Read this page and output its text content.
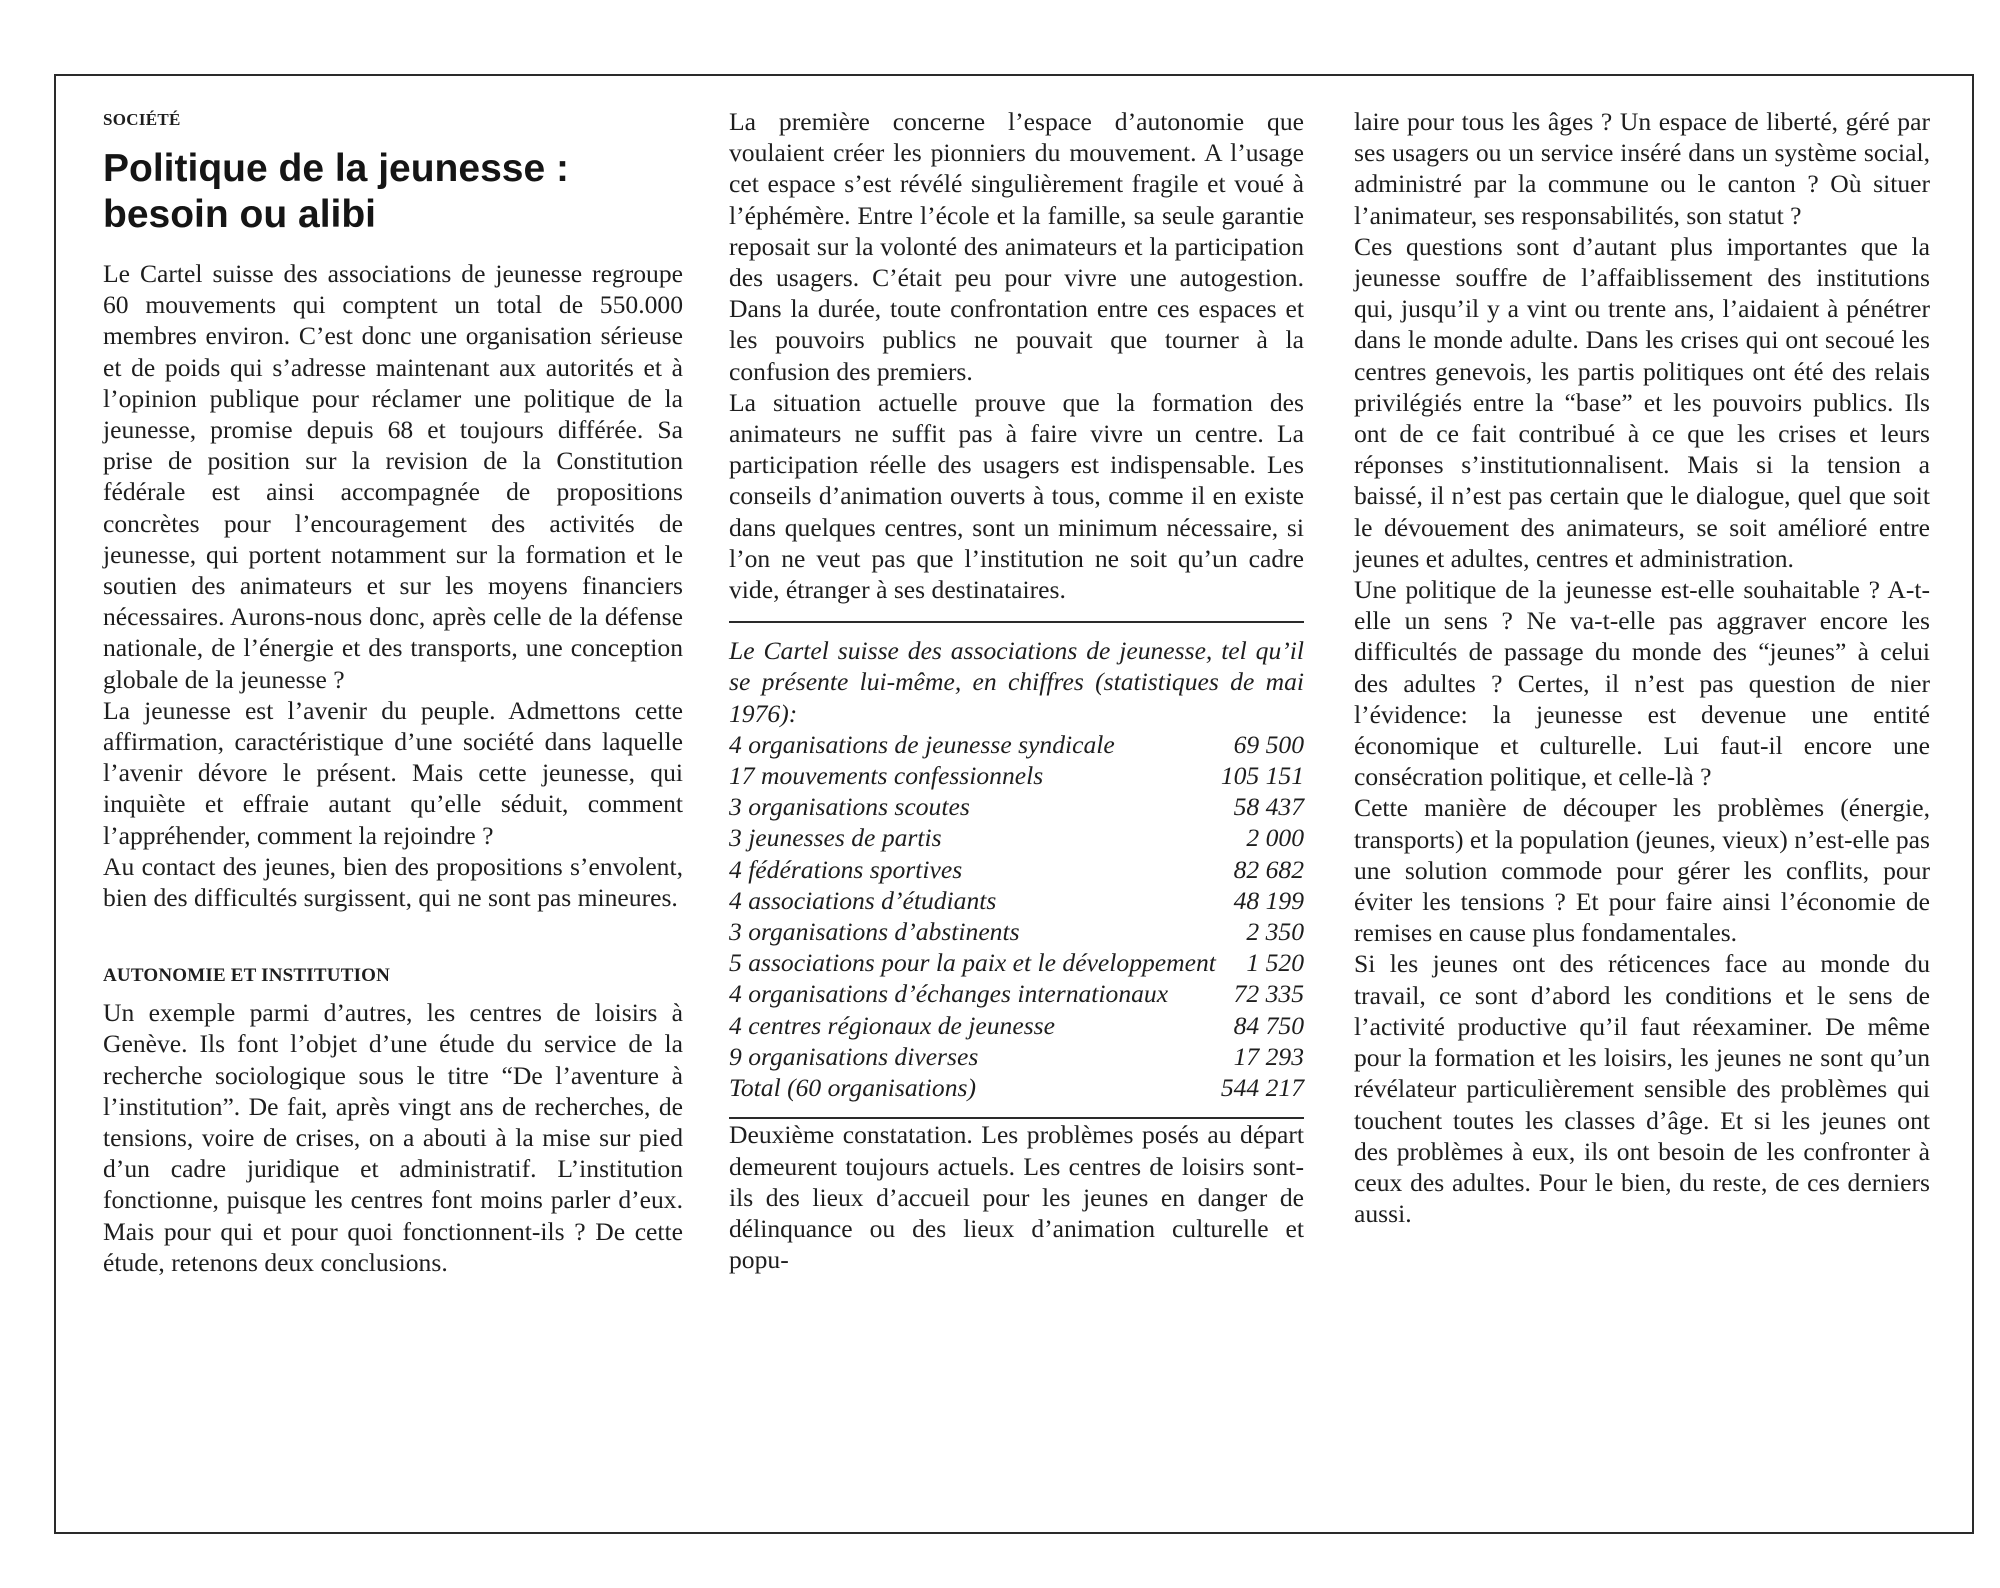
SOCIÉTÉ
Politique de la jeunesse :
besoin ou alibi

Le Cartel suisse des associations de jeunesse regroupe 60 mouvements qui comptent un total de 550.000 membres environ. C’est donc une organisation sérieuse et de poids qui s’adresse maintenant aux autorités et à l’opinion publique pour réclamer une politique de la jeunesse, promise depuis 68 et toujours différée. Sa prise de position sur la revision de la Constitution fédérale est ainsi accompagnée de propositions concrètes pour l’encouragement des activités de jeunesse, qui portent notamment sur la formation et le soutien des animateurs et sur les moyens financiers nécessaires. Aurons-nous donc, après celle de la défense nationale, de l’énergie et des transports, une conception globale de la jeunesse ?

La jeunesse est l’avenir du peuple. Admettons cette affirmation, caractéristique d’une société dans laquelle l’avenir dévore le présent. Mais cette jeunesse, qui inquiète et effraie autant qu’elle séduit, comment l’appréhender, comment la rejoindre ?

Au contact des jeunes, bien des propositions s’envolent, bien des difficultés surgissent, qui ne sont pas mineures.

AUTONOMIE ET INSTITUTION

Un exemple parmi d’autres, les centres de loisirs à Genève. Ils font l’objet d’une étude du service de la recherche sociologique sous le titre “De l’aventure à l’institution”. De fait, après vingt ans de recherches, de tensions, voire de crises, on a abouti à la mise sur pied d’un cadre juridique et administratif. L’institution fonctionne, puisque les centres font moins parler d’eux. Mais pour qui et pour quoi fonctionnent-ils ? De cette étude, retenons deux conclusions.

La première concerne l’espace d’autonomie que voulaient créer les pionniers du mouvement. A l’usage cet espace s’est révélé singulièrement fragile et voué à l’éphémère. Entre l’école et la famille, sa seule garantie reposait sur la volonté des animateurs et la participation des usagers. C’était peu pour vivre une autogestion. Dans la durée, toute confrontation entre ces espaces et les pouvoirs publics ne pouvait que tourner à la confusion des premiers.

La situation actuelle prouve que la formation des animateurs ne suffit pas à faire vivre un centre. La participation réelle des usagers est indispensable. Les conseils d’animation ouverts à tous, comme il en existe dans quelques centres, sont un minimum nécessaire, si l’on ne veut pas que l’institution ne soit qu’un cadre vide, étranger à ses destinataires.

Le Cartel suisse des associations de jeunesse, tel qu’il se présente lui-même, en chiffres (statistiques de mai 1976):
4 organisations de jeunesse syndicale	69 500
17 mouvements confessionnels	105 151
3 organisations scoutes	58 437
3 jeunesses de partis	2 000
4 fédérations sportives	82 682
4 associations d’étudiants	48 199
3 organisations d’abstinents	2 350
5 associations pour la paix et le développement	1 520
4 organisations d’échanges internationaux	72 335
4 centres régionaux de jeunesse	84 750
9 organisations diverses	17 293
Total (60 organisations)	544 217

Deuxième constatation. Les problèmes posés au départ demeurent toujours actuels. Les centres de loisirs sont-ils des lieux d’accueil pour les jeunes en danger de délinquance ou des lieux d’animation culturelle et popu-

laire pour tous les âges ? Un espace de liberté, géré par ses usagers ou un service inséré dans un système social, administré par la commune ou le canton ? Où situer l’animateur, ses responsabilités, son statut ?

Ces questions sont d’autant plus importantes que la jeunesse souffre de l’affaiblissement des institutions qui, jusqu’il y a vint ou trente ans, l’aidaient à pénétrer dans le monde adulte. Dans les crises qui ont secoué les centres genevois, les partis politiques ont été des relais privilégiés entre la “base” et les pouvoirs publics. Ils ont de ce fait contribué à ce que les crises et leurs réponses s’institutionnalisent. Mais si la tension a baissé, il n’est pas certain que le dialogue, quel que soit le dévouement des animateurs, se soit amélioré entre jeunes et adultes, centres et administration.

Une politique de la jeunesse est-elle souhaitable ? A-t-elle un sens ? Ne va-t-elle pas aggraver encore les difficultés de passage du monde des “jeunes” à celui des adultes ? Certes, il n’est pas question de nier l’évidence: la jeunesse est devenue une entité économique et culturelle. Lui faut-il encore une consécration politique, et celle-là ?

Cette manière de découper les problèmes (énergie, transports) et la population (jeunes, vieux) n’est-elle pas une solution commode pour gérer les conflits, pour éviter les tensions ? Et pour faire ainsi l’économie de remises en cause plus fondamentales.

Si les jeunes ont des réticences face au monde du travail, ce sont d’abord les conditions et le sens de l’activité productive qu’il faut réexaminer. De même pour la formation et les loisirs, les jeunes ne sont qu’un révélateur particulièrement sensible des problèmes qui touchent toutes les classes d’âge. Et si les jeunes ont des problèmes à eux, ils ont besoin de les confronter à ceux des adultes. Pour le bien, du reste, de ces derniers aussi.
